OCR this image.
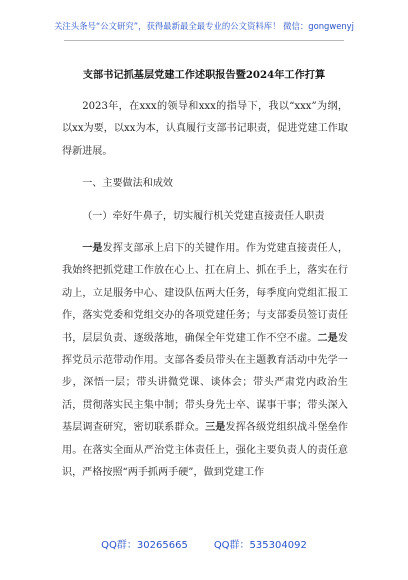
关注头条号“公文研究”，获得最新最全最专业的公文资料库！ 微信：gongwenyj
支部书记抓基层党建工作述职报告暨2024年工作打算

2023年，在xxx的领导和xxx的指导下，我以“xxx”为纲，以xx为要，以xx为本，认真履行支部书记职责，促进党建工作取得新进展。

一、主要做法和成效

（一）牵好牛鼻子，切实履行机关党建直接责任人职责

一是发挥支部承上启下的关键作用。作为党建直接责任人，我始终把抓党建工作放在心上、扛在肩上、抓在手上，落实在行动上，立足服务中心、建设队伍两大任务，每季度向党组汇报工作，落实党委和党组交办的各项党建任务；与支部委员签订责任书，层层负责、逐级落地，确保全年党建工作不空不虚。二是发挥党员示范带动作用。支部各委员带头在主题教育活动中先学一步，深悟一层；带头讲微党课、谈体会；带头严肃党内政治生活，贯彻落实民主集中制；带头身先士卒、谋事干事；带头深入基层调查研究，密切联系群众。三是发挥各级党组织战斗堡垒作用。在落实全面从严治党主体责任上，强化主要负责人的责任意识，严格按照“两手抓两手硬”，做到党建工作

QQ群：30265665	QQ群：535304092
